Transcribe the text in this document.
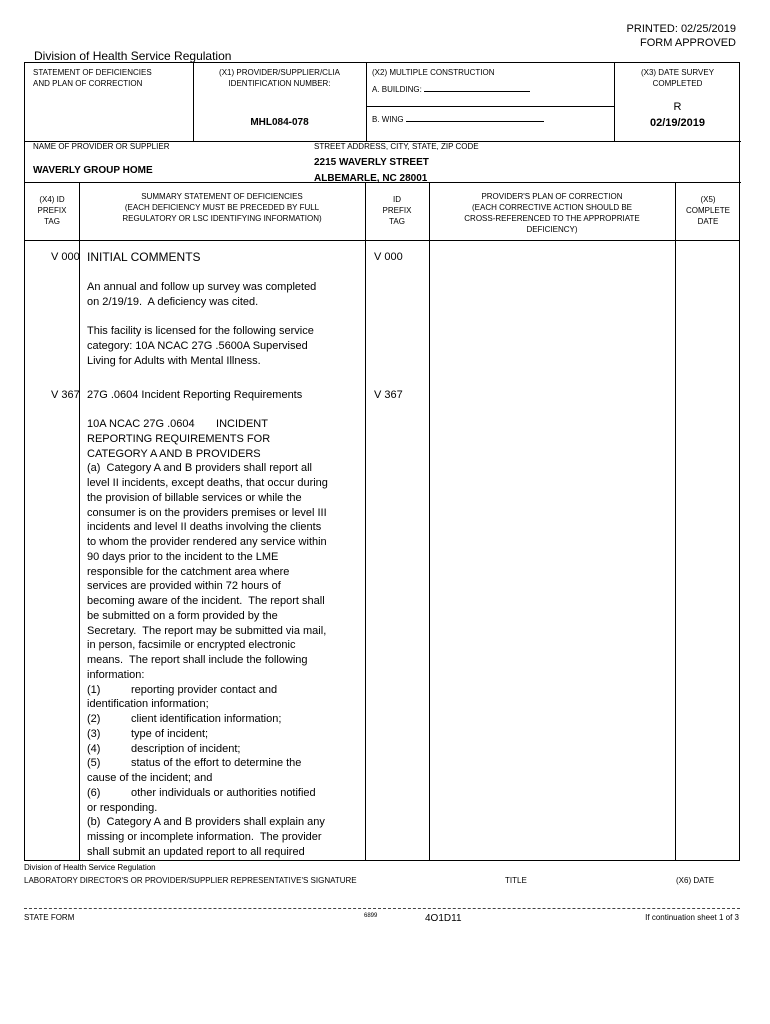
PRINTED: 02/25/2019
FORM APPROVED
Division of Health Service Regulation
STATEMENT OF DEFICIENCIES
AND PLAN OF CORRECTION
(X1) PROVIDER/SUPPLIER/CLIA
IDENTIFICATION NUMBER:
MHL084-078
(X2) MULTIPLE CONSTRUCTION
A. BUILDING:
B. WING
(X3) DATE SURVEY
COMPLETED
R
02/19/2019
NAME OF PROVIDER OR SUPPLIER
WAVERLY GROUP HOME
STREET ADDRESS, CITY, STATE, ZIP CODE
2215 WAVERLY STREET
ALBEMARLE, NC 28001
(X4) ID
PREFIX
TAG
SUMMARY STATEMENT OF DEFICIENCIES
(EACH DEFICIENCY MUST BE PRECEDED BY FULL
REGULATORY OR LSC IDENTIFYING INFORMATION)
ID
PREFIX
TAG
PROVIDER'S PLAN OF CORRECTION
(EACH CORRECTIVE ACTION SHOULD BE
CROSS-REFERENCED TO THE APPROPRIATE
DEFICIENCY)
(X5)
COMPLETE
DATE
V 000 INITIAL COMMENTS	V 000
An annual and follow up survey was completed
on 2/19/19.  A deficiency was cited.
This facility is licensed for the following service
category: 10A NCAC 27G .5600A Supervised
Living for Adults with Mental Illness.
V 367 27G .0604 Incident Reporting Requirements	V 367
10A NCAC 27G .0604       INCIDENT
REPORTING REQUIREMENTS FOR
CATEGORY A AND B PROVIDERS
(a)  Category A and B providers shall report all
level II incidents, except deaths, that occur during
the provision of billable services or while the
consumer is on the providers premises or level III
incidents and level II deaths involving the clients
to whom the provider rendered any service within
90 days prior to the incident to the LME
responsible for the catchment area where
services are provided within 72 hours of
becoming aware of the incident.  The report shall
be submitted on a form provided by the
Secretary.  The report may be submitted via mail,
in person, facsimile or encrypted electronic
means.  The report shall include the following
information:
(1)          reporting provider contact and
identification information;
(2)          client identification information;
(3)          type of incident;
(4)          description of incident;
(5)          status of the effort to determine the
cause of the incident; and
(6)          other individuals or authorities notified
or responding.
(b)  Category A and B providers shall explain any
missing or incomplete information.  The provider
shall submit an updated report to all required
Division of Health Service Regulation
LABORATORY DIRECTOR'S OR PROVIDER/SUPPLIER REPRESENTATIVE'S SIGNATURE	TITLE	(X6) DATE
STATE FORM	6899	4O1D11	If continuation sheet 1 of 3
